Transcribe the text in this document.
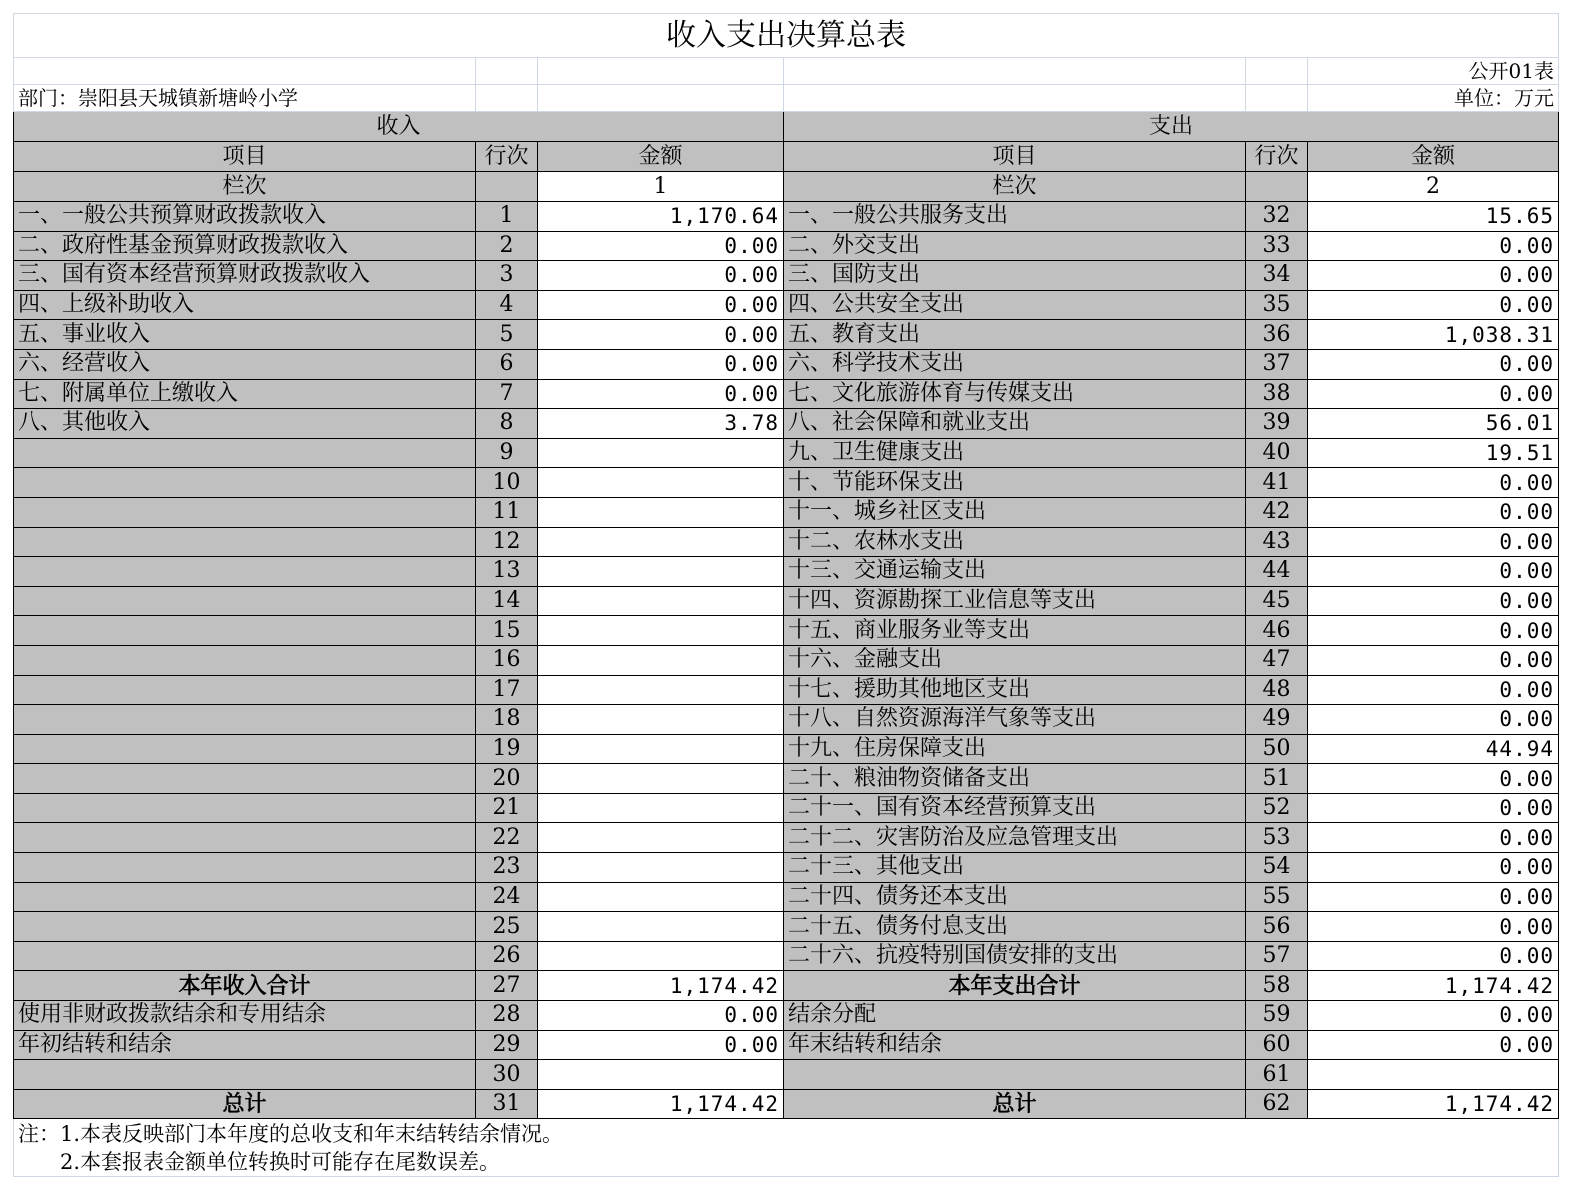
收入支出决算总表					
					公开01表
部门：崇阳县天城镇新塘岭小学					单位：万元
收入			支出		
项目	行次	金额	项目	行次	金额
栏次		1	栏次		2
一、一般公共预算财政拨款收入	1	1,170.64	一、一般公共服务支出	32	15.65
二、政府性基金预算财政拨款收入	2	0.00	二、外交支出	33	0.00
三、国有资本经营预算财政拨款收入	3	0.00	三、国防支出	34	0.00
四、上级补助收入	4	0.00	四、公共安全支出	35	0.00
五、事业收入	5	0.00	五、教育支出	36	1,038.31
六、经营收入	6	0.00	六、科学技术支出	37	0.00
七、附属单位上缴收入	7	0.00	七、文化旅游体育与传媒支出	38	0.00
八、其他收入	8	3.78	八、社会保障和就业支出	39	56.01
	9		九、卫生健康支出	40	19.51
	10		十、节能环保支出	41	0.00
	11		十一、城乡社区支出	42	0.00
	12		十二、农林水支出	43	0.00
	13		十三、交通运输支出	44	0.00
	14		十四、资源勘探工业信息等支出	45	0.00
	15		十五、商业服务业等支出	46	0.00
	16		十六、金融支出	47	0.00
	17		十七、援助其他地区支出	48	0.00
	18		十八、自然资源海洋气象等支出	49	0.00
	19		十九、住房保障支出	50	44.94
	20		二十、粮油物资储备支出	51	0.00
	21		二十一、国有资本经营预算支出	52	0.00
	22		二十二、灾害防治及应急管理支出	53	0.00
	23		二十三、其他支出	54	0.00
	24		二十四、债务还本支出	55	0.00
	25		二十五、债务付息支出	56	0.00
	26		二十六、抗疫特别国债安排的支出	57	0.00
本年收入合计	27	1,174.42	本年支出合计	58	1,174.42
使用非财政拨款结余和专用结余	28	0.00	结余分配	59	0.00
年初结转和结余	29	0.00	年末结转和结余	60	0.00
	30			61	
总计	31	1,174.42	总计	62	1,174.42
注：1.本表反映部门本年度的总收支和年末结转结余情况。					
　　2.本套报表金额单位转换时可能存在尾数误差。					
